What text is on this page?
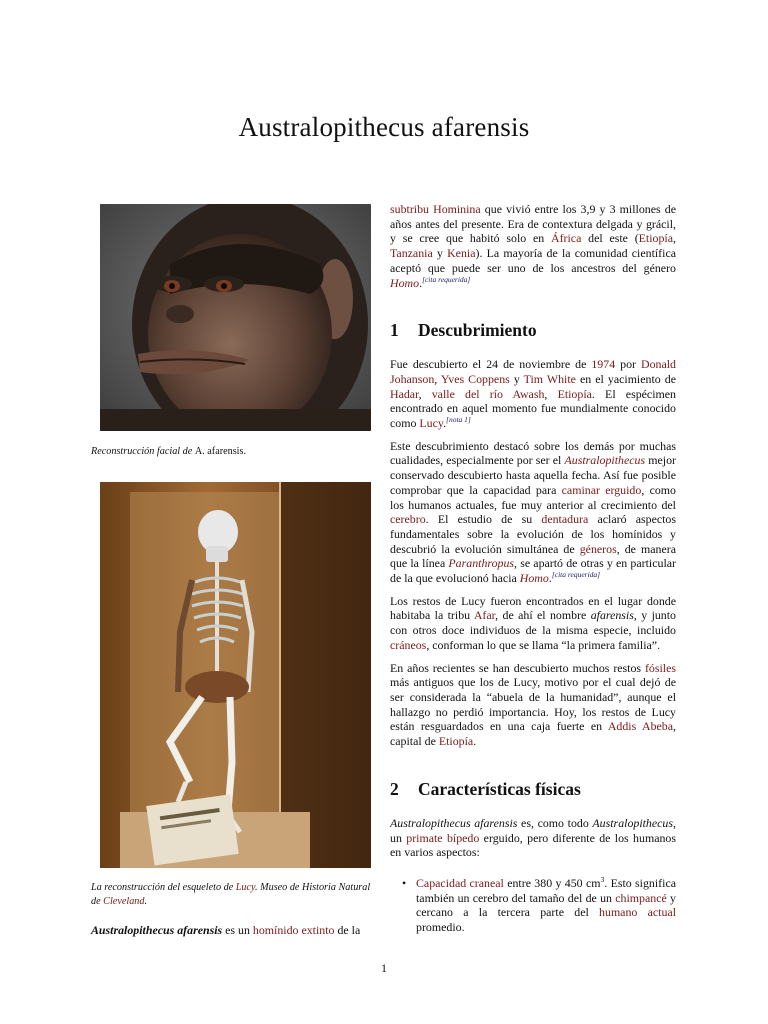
Australopithecus afarensis
Reconstrucción facial de A. afarensis.
La reconstrucción del esqueleto de Lucy. Museo de Historia Natural de Cleveland.

Australopithecus afarensis es un homínido extinto de la

subtribu Hominina que vivió entre los 3,9 y 3 millones de años antes del presente. Era de contextura delgada y grácil, y se cree que habitó solo en África del este (Etiopía, Tanzania y Kenia). La mayoría de la comunidad científica aceptó que puede ser uno de los ancestros del género Homo.[cita requerida]

1	Descubrimiento

Fue descubierto el 24 de noviembre de 1974 por Donald Johanson, Yves Coppens y Tim White en el yacimiento de Hadar, valle del río Awash, Etiopía. El espécimen encontrado en aquel momento fue mundialmente conocido como Lucy.[nota 1]

Este descubrimiento destacó sobre los demás por muchas cualidades, especialmente por ser el Australopithecus mejor conservado descubierto hasta aquella fecha. Así fue posible comprobar que la capacidad para caminar erguido, como los humanos actuales, fue muy anterior al crecimiento del cerebro. El estudio de su dentadura aclaró aspectos fundamentales sobre la evolución de los homínidos y descubrió la evolución simultánea de géneros, de manera que la línea Paranthropus, se apartó de otras y en particular de la que evolucionó hacia Homo.[cita requerida]

Los restos de Lucy fueron encontrados en el lugar donde habitaba la tribu Afar, de ahí el nombre afarensis, y junto con otros doce individuos de la misma especie, incluido cráneos, conforman lo que se llama “la primera familia”.

En años recientes se han descubierto muchos restos fósiles más antiguos que los de Lucy, motivo por el cual dejó de ser considerada la “abuela de la humanidad”, aunque el hallazgo no perdió importancia. Hoy, los restos de Lucy están resguardados en una caja fuerte en Addis Abeba, capital de Etiopía.

2	Características físicas

Australopithecus afarensis es, como todo Australopithecus, un primate bípedo erguido, pero diferente de los humanos en varios aspectos:

• Capacidad craneal entre 380 y 450 $cm^3$. Esto significa también un cerebro del tamaño del de un chimpancé y cercano a la tercera parte del humano actual promedio.
1
